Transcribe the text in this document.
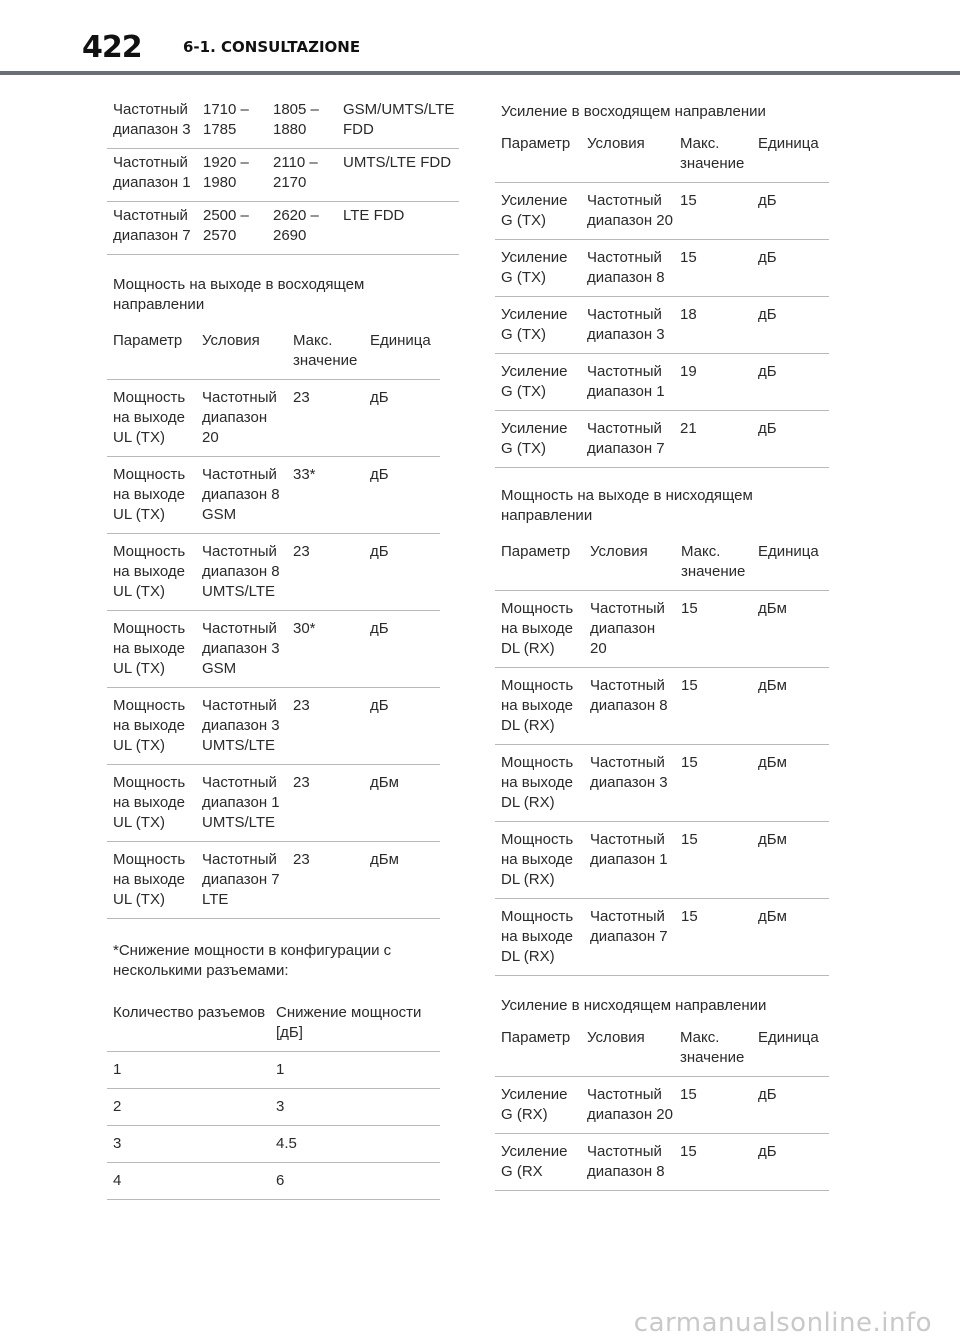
422	6-1. CONSULTAZIONE
Частотный диапазон 3	1710 – 1785	1805 – 1880	GSM/UMTS/LTE FDD
Частотный диапазон 1	1920 – 1980	2110 – 2170	UMTS/LTE FDD
Частотный диапазон 7	2500 – 2570	2620 – 2690	LTE FDD

Мощность на выходе в восходящем направлении

Параметр	Условия	Макс. значение	Единица
Мощность на выходе UL (TX)	Частотный диапазон 20	23	дБ
Мощность на выходе UL (TX)	Частотный диапазон 8 GSM	33*	дБ
Мощность на выходе UL (TX)	Частотный диапазон 8 UMTS/LTE	23	дБ
Мощность на выходе UL (TX)	Частотный диапазон 3 GSM	30*	дБ
Мощность на выходе UL (TX)	Частотный диапазон 3 UMTS/LTE	23	дБ
Мощность на выходе UL (TX)	Частотный диапазон 1 UMTS/LTE	23	дБм
Мощность на выходе UL (TX)	Частотный диапазон 7 LTE	23	дБм

*Снижение мощности в конфигурации с несколькими разъемами:

Количество разъемов	Снижение мощности [дБ]
1	1
2	3
3	4.5
4	6

Усиление в восходящем направлении

Параметр	Условия	Макс. значение	Единица
Усиление G (TX)	Частотный диапазон 20	15	дБ
Усиление G (TX)	Частотный диапазон 8	15	дБ
Усиление G (TX)	Частотный диапазон 3	18	дБ
Усиление G (TX)	Частотный диапазон 1	19	дБ
Усиление G (TX)	Частотный диапазон 7	21	дБ

Мощность на выходе в нисходящем направлении

Параметр	Условия	Макс. значение	Единица
Мощность на выходе DL (RX)	Частотный диапазон 20	15	дБм
Мощность на выходе DL (RX)	Частотный диапазон 8	15	дБм
Мощность на выходе DL (RX)	Частотный диапазон 3	15	дБм
Мощность на выходе DL (RX)	Частотный диапазон 1	15	дБм
Мощность на выходе DL (RX)	Частотный диапазон 7	15	дБм

Усиление в нисходящем направлении

Параметр	Условия	Макс. значение	Единица
Усиление G (RX)	Частотный диапазон 20	15	дБ
Усиление G (RX	Частотный диапазон 8	15	дБ
carmanualsonline.info
